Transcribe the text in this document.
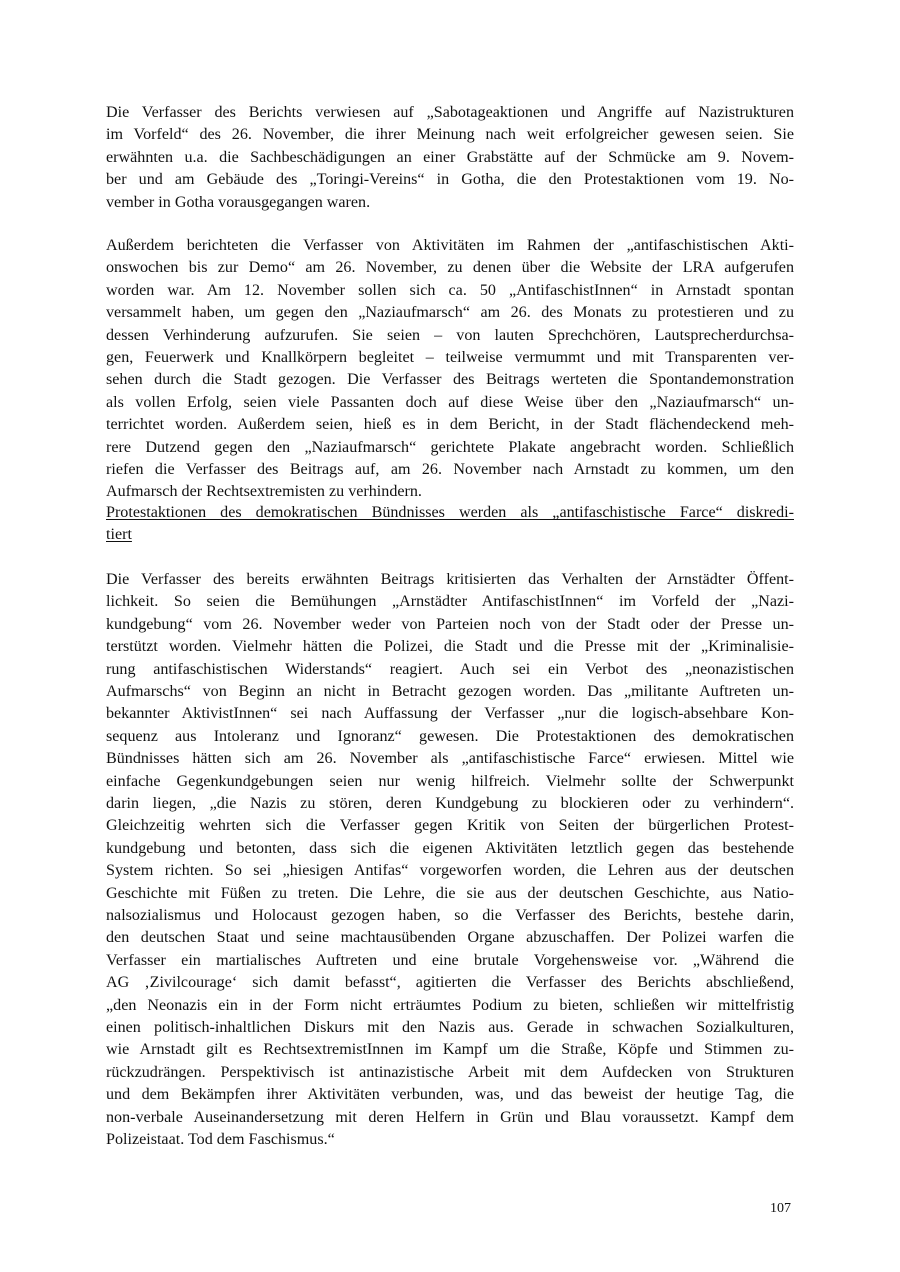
Die Verfasser des Berichts verwiesen auf „Sabotageaktionen und Angriffe auf Nazistrukturen
im Vorfeld“ des 26. November, die ihrer Meinung nach weit erfolgreicher gewesen seien. Sie
erwähnten u.a. die Sachbeschädigungen an einer Grabstätte auf der Schmücke am 9. Novem-
ber und am Gebäude des „Toringi-Vereins“ in Gotha, die den Protestaktionen vom 19. No-
vember in Gotha vorausgegangen waren.
Außerdem berichteten die Verfasser von Aktivitäten im Rahmen der „antifaschistischen Akti-
onswochen bis zur Demo“ am 26. November, zu denen über die Website der LRA aufgerufen
worden war. Am 12. November sollen sich ca. 50 „AntifaschistInnen“ in Arnstadt spontan
versammelt haben, um gegen den „Naziaufmarsch“ am 26. des Monats zu protestieren und zu
dessen Verhinderung aufzurufen. Sie seien – von lauten Sprechchören, Lautsprecherdurchsa-
gen, Feuerwerk und Knallkörpern begleitet – teilweise vermummt und mit Transparenten ver-
sehen durch die Stadt gezogen. Die Verfasser des Beitrags werteten die Spontandemonstration
als vollen Erfolg, seien viele Passanten doch auf diese Weise über den „Naziaufmarsch“ un-
terrichtet worden. Außerdem seien, hieß es in dem Bericht, in der Stadt flächendeckend meh-
rere Dutzend gegen den „Naziaufmarsch“ gerichtete Plakate angebracht worden. Schließlich
riefen die Verfasser des Beitrags auf, am 26. November nach Arnstadt zu kommen, um den
Aufmarsch der Rechtsextremisten zu verhindern.
Protestaktionen des demokratischen Bündnisses werden als „antifaschistische Farce“ diskredi-
tiert
Die Verfasser des bereits erwähnten Beitrags kritisierten das Verhalten der Arnstädter Öffent-
lichkeit. So seien die Bemühungen „Arnstädter AntifaschistInnen“ im Vorfeld der „Nazi-
kundgebung“ vom 26. November weder von Parteien noch von der Stadt oder der Presse un-
terstützt worden. Vielmehr hätten die Polizei, die Stadt und die Presse mit der „Kriminalisie-
rung antifaschistischen Widerstands“ reagiert. Auch sei ein Verbot des „neonazistischen
Aufmarschs“ von Beginn an nicht in Betracht gezogen worden. Das „militante Auftreten un-
bekannter AktivistInnen“ sei nach Auffassung der Verfasser „nur die logisch-absehbare Kon-
sequenz aus Intoleranz und Ignoranz“ gewesen. Die Protestaktionen des demokratischen
Bündnisses hätten sich am 26. November als „antifaschistische Farce“ erwiesen. Mittel wie
einfache Gegenkundgebungen seien nur wenig hilfreich. Vielmehr sollte der Schwerpunkt
darin liegen, „die Nazis zu stören, deren Kundgebung zu blockieren oder zu verhindern“.
Gleichzeitig wehrten sich die Verfasser gegen Kritik von Seiten der bürgerlichen Protest-
kundgebung und betonten, dass sich die eigenen Aktivitäten letztlich gegen das bestehende
System richten. So sei „hiesigen Antifas“ vorgeworfen worden, die Lehren aus der deutschen
Geschichte mit Füßen zu treten. Die Lehre, die sie aus der deutschen Geschichte, aus Natio-
nalsozialismus und Holocaust gezogen haben, so die Verfasser des Berichts, bestehe darin,
den deutschen Staat und seine machtausübenden Organe abzuschaffen. Der Polizei warfen die
Verfasser ein martialisches Auftreten und eine brutale Vorgehensweise vor. „Während die
AG ‚Zivilcourage‘ sich damit befasst“, agitierten die Verfasser des Berichts abschließend,
„den Neonazis ein in der Form nicht erträumtes Podium zu bieten, schließen wir mittelfristig
einen politisch-inhaltlichen Diskurs mit den Nazis aus. Gerade in schwachen Sozialkulturen,
wie Arnstadt gilt es RechtsextremistInnen im Kampf um die Straße, Köpfe und Stimmen zu-
rückzudrängen. Perspektivisch ist antinazistische Arbeit mit dem Aufdecken von Strukturen
und dem Bekämpfen ihrer Aktivitäten verbunden, was, und das beweist der heutige Tag, die
non-verbale Auseinandersetzung mit deren Helfern in Grün und Blau voraussetzt. Kampf dem
Polizeistaat. Tod dem Faschismus.“
107
